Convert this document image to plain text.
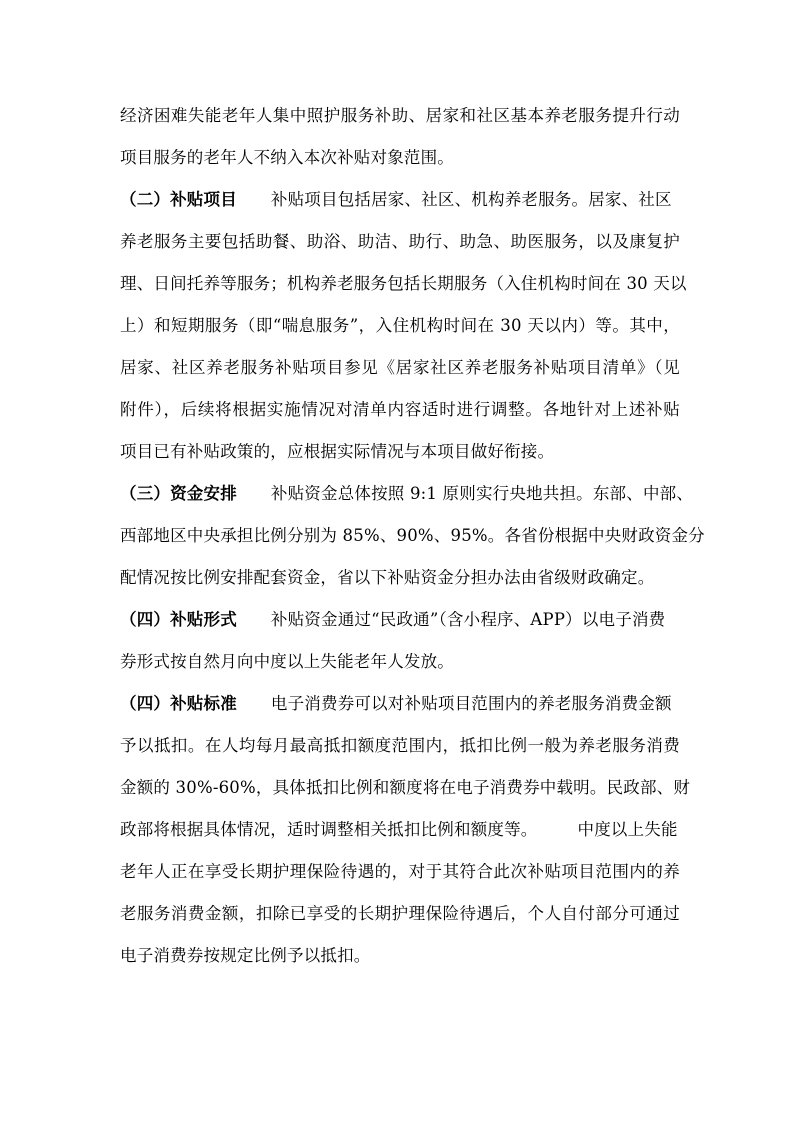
经济困难失能老年人集中照护服务补助、居家和社区基本养老服务提升行动
项目服务的老年人不纳入本次补贴对象范围。
（二）补贴项目 补贴项目包括居家、社区、机构养老服务。居家、社区
养老服务主要包括助餐、助浴、助洁、助行、助急、助医服务，以及康复护
理、日间托养等服务；机构养老服务包括长期服务（入住机构时间在 30 天以
上）和短期服务（即“喘息服务”，入住机构时间在 30 天以内）等。其中，
居家、社区养老服务补贴项目参见《居家社区养老服务补贴项目清单》（见
附件），后续将根据实施情况对清单内容适时进行调整。各地针对上述补贴
项目已有补贴政策的，应根据实际情况与本项目做好衔接。
（三）资金安排 补贴资金总体按照 9:1 原则实行央地共担。东部、中部、
西部地区中央承担比例分别为 85%、90%、95%。各省份根据中央财政资金分
配情况按比例安排配套资金，省以下补贴资金分担办法由省级财政确定。
（四）补贴形式 补贴资金通过“民政通”（含小程序、APP）以电子消费
券形式按自然月向中度以上失能老年人发放。
（四）补贴标准 电子消费券可以对补贴项目范围内的养老服务消费金额
予以抵扣。在人均每月最高抵扣额度范围内，抵扣比例一般为养老服务消费
金额的 30%-60%，具体抵扣比例和额度将在电子消费券中载明。民政部、财
政部将根据具体情况，适时调整相关抵扣比例和额度等。 中度以上失能
老年人正在享受长期护理保险待遇的，对于其符合此次补贴项目范围内的养
老服务消费金额，扣除已享受的长期护理保险待遇后，个人自付部分可通过
电子消费券按规定比例予以抵扣。
